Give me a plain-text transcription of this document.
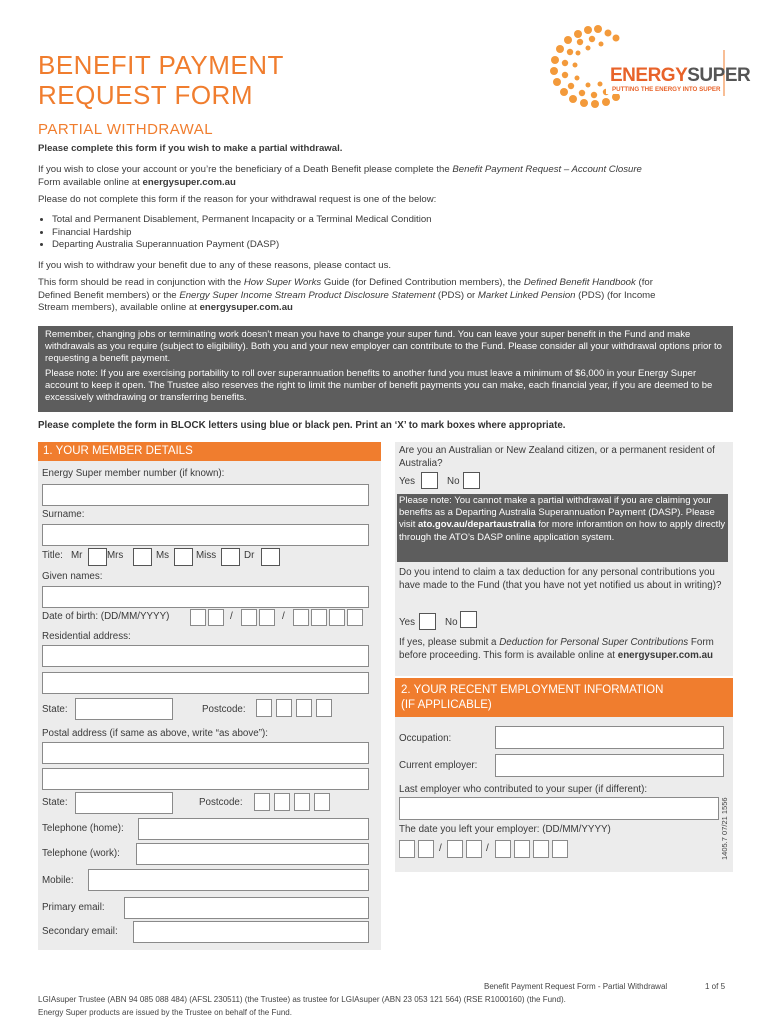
BENEFIT PAYMENT
REQUEST FORM
PARTIAL WITHDRAWAL
ENERGYSUPER
PUTTING THE ENERGY INTO SUPER
Please complete this form if you wish to make a partial withdrawal.
If you wish to close your account or you’re the beneficiary of a Death Benefit please complete the Benefit Payment Request – Account Closure
Form available online at energysuper.com.au
Please do not complete this form if the reason for your withdrawal request is one of the below:
• Total and Permanent Disablement, Permanent Incapacity or a Terminal Medical Condition
• Financial Hardship
• Departing Australia Superannuation Payment (DASP)
If you wish to withdraw your benefit due to any of these reasons, please contact us.
This form should be read in conjunction with the How Super Works Guide (for Defined Contribution members), the Defined Benefit Handbook (for
Defined Benefit members) or the Energy Super Income Stream Product Disclosure Statement (PDS) or Market Linked Pension (PDS) (for Income
Stream members), available online at energysuper.com.au

Remember, changing jobs or terminating work doesn’t mean you have to change your super fund. You can leave your super benefit in the Fund and make withdrawals as you require (subject to eligibility). Both you and your new employer can contribute to the Fund. Please consider all your withdrawal options prior to requesting a benefit payment.

Please note: If you are exercising portability to roll over superannuation benefits to another fund you must leave a minimum of $6,000 in your Energy Super account to keep it open. The Trustee also reserves the right to limit the number of benefit payments you can make, each financial year, if you are deemed to be excessively withdrawing or transferring benefits.

Please complete the form in BLOCK letters using blue or black pen. Print an ‘X’ to mark boxes where appropriate.
1. YOUR MEMBER DETAILS
Energy Super member number (if known):
Surname:
Title: Mr	Mrs	Ms	Miss	Dr
Given names:
Date of birth: (DD/MM/YYYY)	/	/
Residential address:
State:	Postcode:
Postal address (if same as above, write “as above”):
State:	Postcode:
Telephone (home):
Telephone (work):
Mobile:
Primary email:
Secondary email:
Are you an Australian or New Zealand citizen, or a permanent resident of Australia?
Yes	No
Please note: You cannot make a partial withdrawal if you are claiming your benefits as a Departing Australia Superannuation Payment (DASP). Please visit ato.gov.au/departaustralia for more inforamtion on how to apply directly through the ATO’s DASP online application system.
Do you intend to claim a tax deduction for any personal contributions you have made to the Fund (that you have not yet notified us about in writing)?
Yes	No
If yes, please submit a Deduction for Personal Super Contributions Form before proceeding. This form is available online at energysuper.com.au
2. YOUR RECENT EMPLOYMENT INFORMATION
(IF APPLICABLE)
Occupation:
Current employer:
Last employer who contributed to your super (if different):
The date you left your employer: (DD/MM/YYYY)
/	/	1405.7 07/21 1556
Benefit Payment Request Form - Partial Withdrawal	1 of 5
LGIAsuper Trustee (ABN 94 085 088 484) (AFSL 230511) (the Trustee) as trustee for LGIAsuper (ABN 23 053 121 564) (RSE R1000160) (the Fund).
Energy Super products are issued by the Trustee on behalf of the Fund.
